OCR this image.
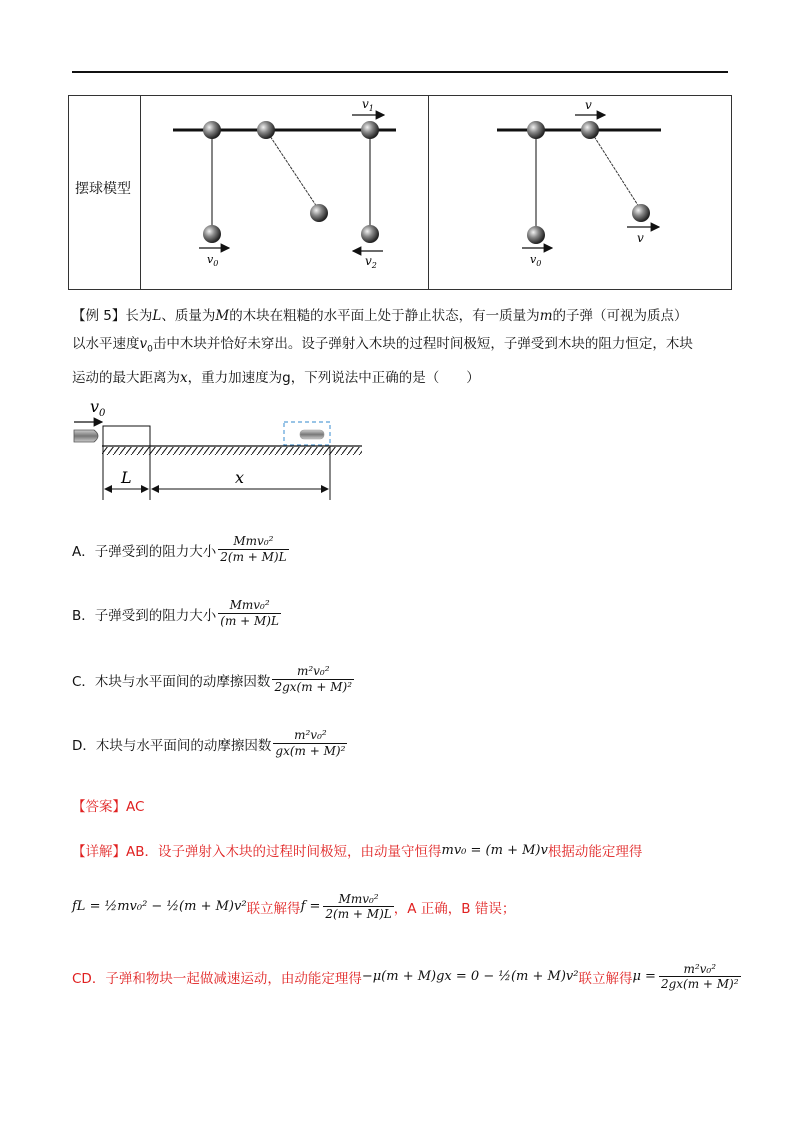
摆球模型
$v_1$
$v_0$	$v_2$
v
$v_0$
v
【例 5】长为L、质量为M的木块在粗糙的水平面上处于静止状态，有一质量为m的子弹（可视为质点）
以水平速度$v_0$击中木块并恰好未穿出。设子弹射入木块的过程时间极短，子弹受到木块的阻力恒定，木块
运动的最大距离为x，重力加速度为g，下列说法中正确的是（　　）
$v_0$
L	x
A．子弹受到的阻力大小 $\frac{\text{Mmv₀²}}{2(m + M)L}$
B．子弹受到的阻力大小 $\frac{\text{Mmv₀²}}{(m + M)L}$
C．木块与水平面间的动摩擦因数 $\frac{\text{m²v₀²}}{\text{2gx(m + M)²}}$
D．木块与水平面间的动摩擦因数 $\frac{\text{m²v₀²}}{\text{gx(m + M)²}}$
【答案】AC
【详解】AB．设子弹射入木块的过程时间极短，由动量守恒得 mv₀ = (m + M)v 根据动能定理得
fL = ½mv₀² − ½(m + M)v² 联立解得 f = Mmv₀²
2(m + M)L ，A 正确，B 错误；
CD．子弹和物块一起做减速运动，由动能定理得 −μ(m + M)gx = 0 − ½(m + M)v² 联立解得 $\mu = \frac{\text{m²v₀²}}{\text{2gx(m + M)²}}$
